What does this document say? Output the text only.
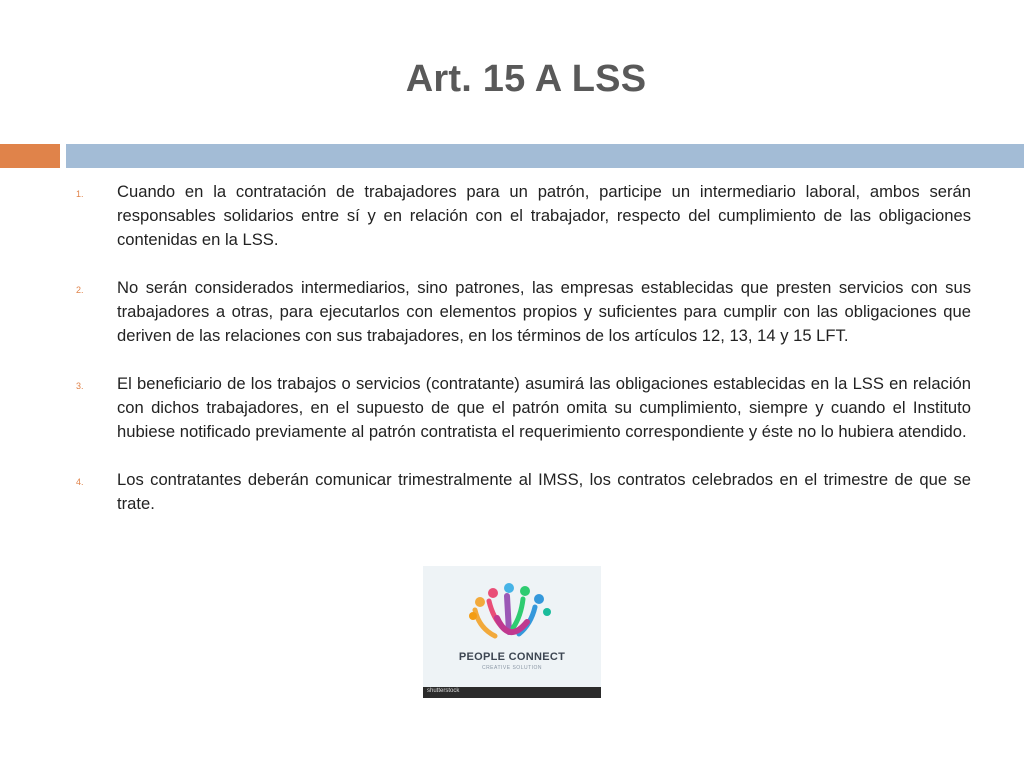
Art. 15 A LSS
1.	Cuando en la contratación de trabajadores para un patrón, participe un intermediario laboral, ambos serán responsables solidarios entre sí y en relación con el trabajador, respecto del cumplimiento de las obligaciones contenidas en la LSS.
2.	No serán considerados intermediarios, sino patrones, las empresas establecidas que presten servicios con sus trabajadores a otras, para ejecutarlos con elementos propios y suficientes para cumplir con las obligaciones que deriven de las relaciones con sus trabajadores, en los términos de los artículos 12, 13, 14 y 15 LFT.
3.	El beneficiario de los trabajos o servicios (contratante) asumirá las obligaciones establecidas en la LSS en relación con dichos trabajadores, en el supuesto de que el patrón omita su cumplimiento, siempre y cuando el Instituto hubiese notificado previamente al patrón contratista el requerimiento correspondiente y éste no lo hubiera atendido.
4.	Los contratantes deberán comunicar trimestralmente al IMSS, los contratos celebrados en el trimestre de que se trate.
PEOPLE CONNECT
CREATIVE SOLUTION
shutterstock
